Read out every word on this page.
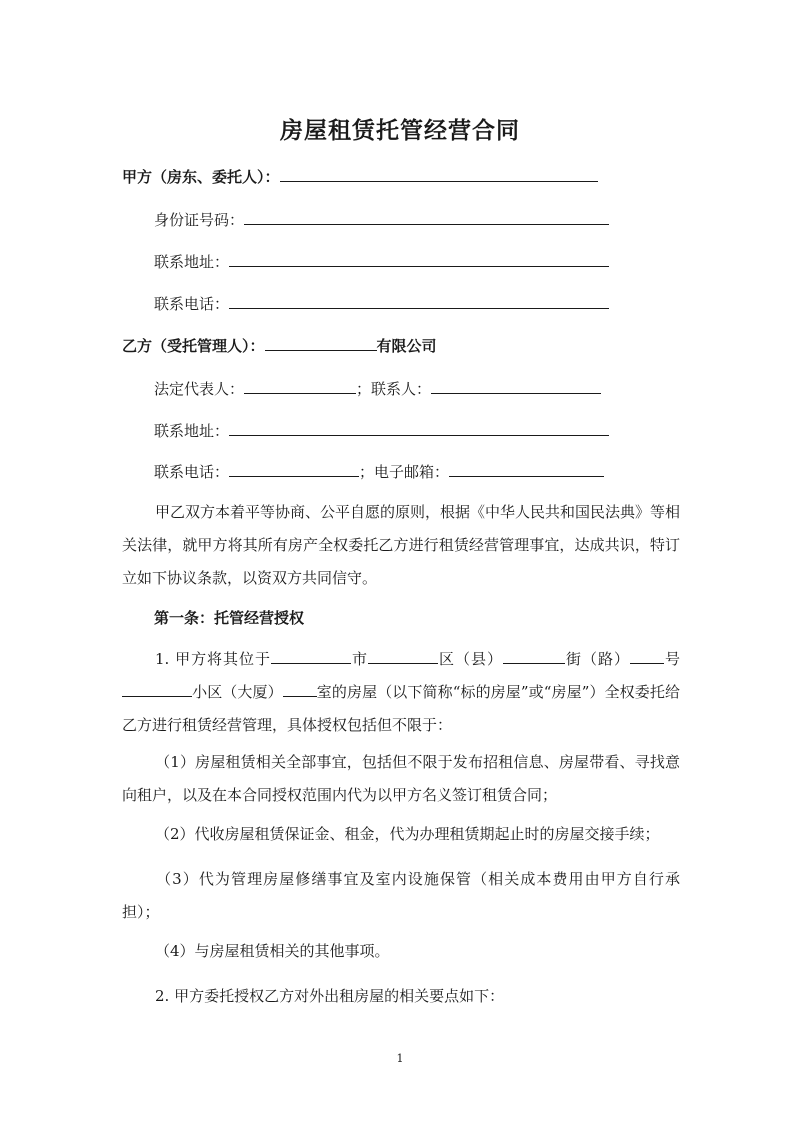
房屋租赁托管经营合同
甲方（房东、委托人）：
身份证号码：
联系地址：
联系电话：
乙方（受托管理人）：	有限公司
法定代表人：	；联系人：
联系地址：
联系电话：	；电子邮箱：
甲乙双方本着平等协商、公平自愿的原则，根据《中华人民共和国民法典》等相关法律，就甲方将其所有房产全权委托乙方进行租赁经营管理事宜，达成共识，特订立如下协议条款，以资双方共同信守。
第一条：托管经营授权
1. 甲方将其位于	市	区（县）	街（路） 号小区（大厦） 室的房屋（以下简称“标的房屋”或“房屋”）全权委托给乙方进行租赁经营管理，具体授权包括但不限于：
（1）房屋租赁相关全部事宜，包括但不限于发布招租信息、房屋带看、寻找意向租户，以及在本合同授权范围内代为以甲方名义签订租赁合同；
（2）代收房屋租赁保证金、租金，代为办理租赁期起止时的房屋交接手续；
（3）代为管理房屋修缮事宜及室内设施保管（相关成本费用由甲方自行承担）；
（4）与房屋租赁相关的其他事项。
2. 甲方委托授权乙方对外出租房屋的相关要点如下：
1
